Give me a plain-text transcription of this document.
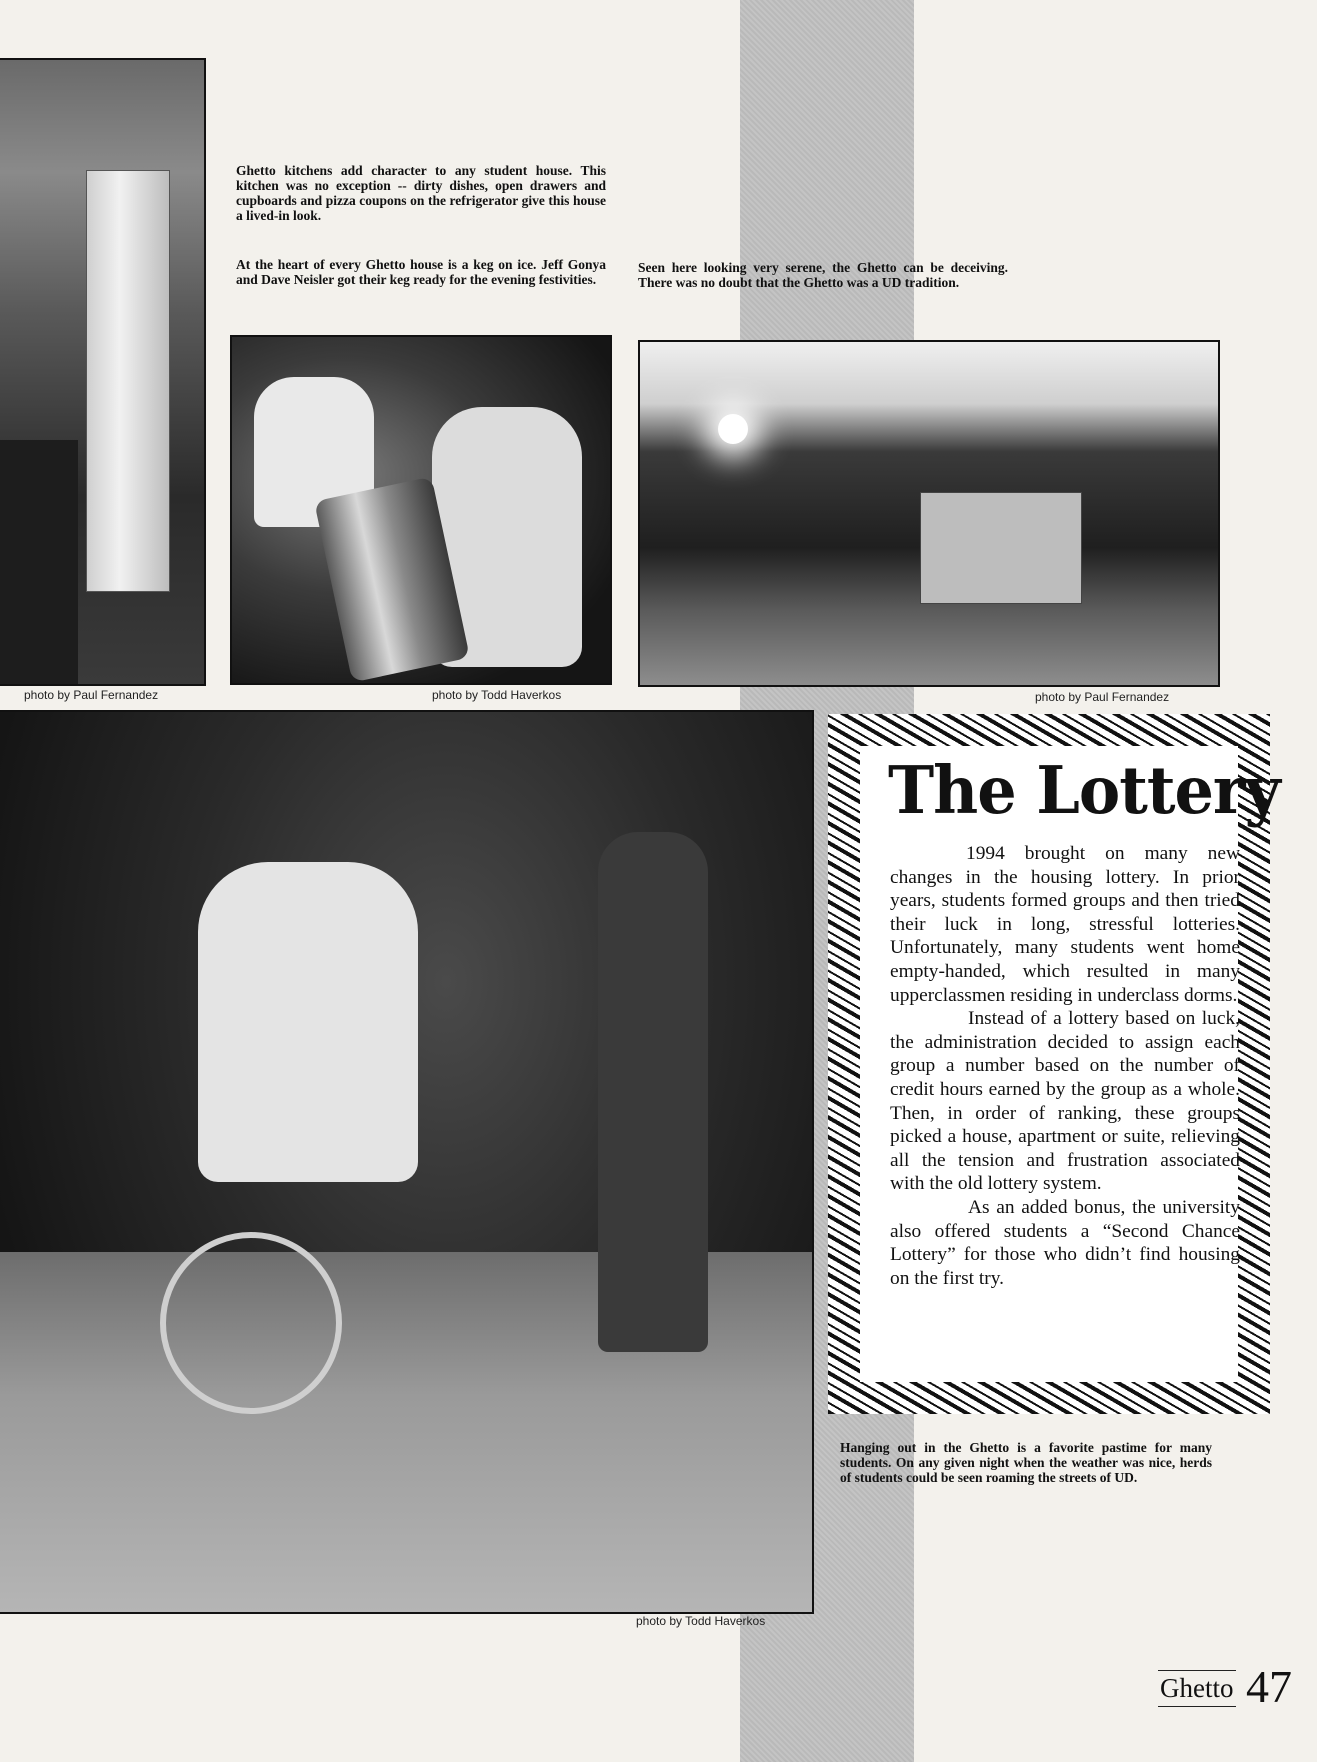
photo by Paul Fernandez
Ghetto kitchens add character to any student house. This kitchen was no exception -- dirty dishes, open drawers and cupboards and pizza coupons on the refrigerator give this house a lived-in look.
At the heart of every Ghetto house is a keg on ice. Jeff Gonya and Dave Neisler got their keg ready for the evening festivities.
Seen here looking very serene, the Ghetto can be deceiving. There was no doubt that the Ghetto was a UD tradition.
photo by Todd Haverkos	photo by Paul Fernandez
photo by Todd Haverkos
The Lottery

1994 brought on many new changes in the housing lottery. In prior years, students formed groups and then tried their luck in long, stressful lotteries. Unfortunately, many students went home empty-handed, which resulted in many upperclassmen residing in underclass dorms.

Instead of a lottery based on luck, the administration decided to assign each group a number based on the number of credit hours earned by the group as a whole. Then, in order of ranking, these groups picked a house, apartment or suite, relieving all the tension and frustration associated with the old lottery system.

As an added bonus, the university also offered students a “Second Chance Lottery” for those who didn’t find housing on the first try.

Hanging out in the Ghetto is a favorite pastime for many students. On any given night when the weather was nice, herds of students could be seen roaming the streets of UD.
Ghetto 47
